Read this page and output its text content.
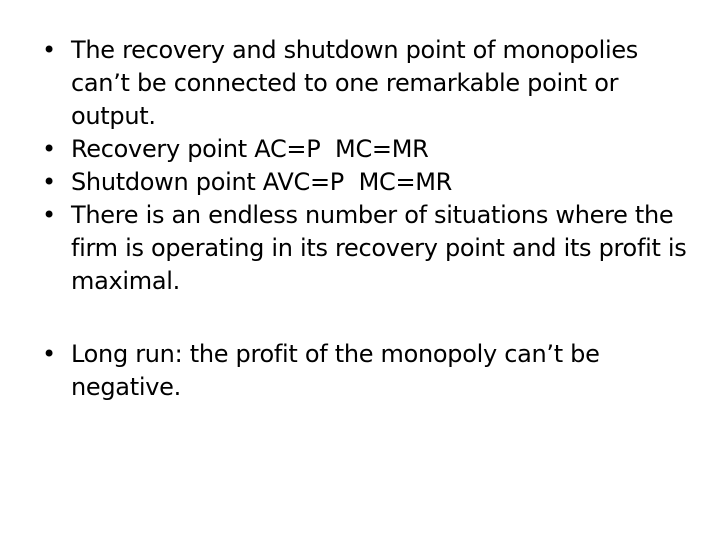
• The recovery and shutdown point of monopolies can’t be connected to one remarkable point or output.
• Recovery point AC=P  MC=MR
• Shutdown point AVC=P  MC=MR
• There is an endless number of situations where the firm is operating in its recovery point and its profit is maximal.
• Long run: the profit of the monopoly can’t be negative.
